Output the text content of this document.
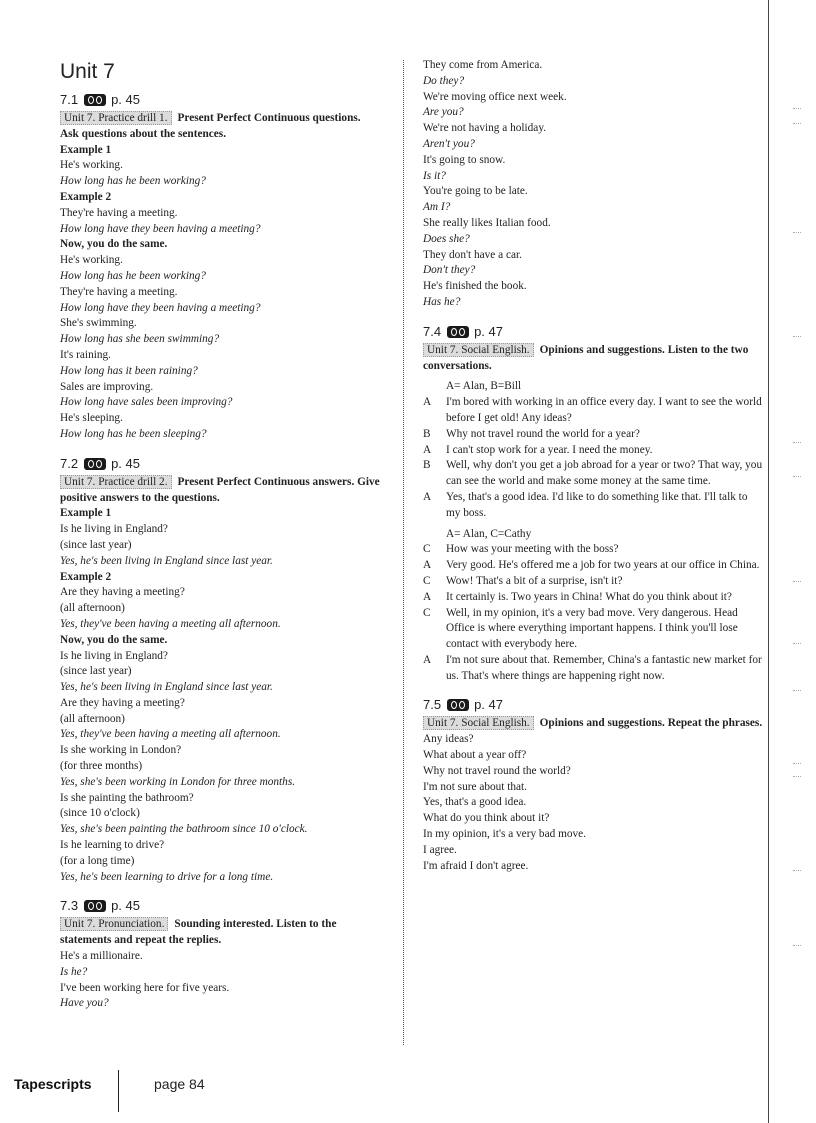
Unit 7
7.1	p. 45

Unit 7. Practice drill 1. Present Perfect Continuous questions. Ask questions about the sentences.

Example 1

He's working.

How long has he been working?

Example 2

They're having a meeting.

How long have they been having a meeting?

Now, you do the same.

He's working.

How long has he been working?

They're having a meeting.

How long have they been having a meeting?

She's swimming.

How long has she been swimming?

It's raining.

How long has it been raining?

Sales are improving.

How long have sales been improving?

He's sleeping.

How long has he been sleeping?

7.2	p. 45

Unit 7. Practice drill 2. Present Perfect Continuous answers. Give positive answers to the questions.

Example 1

Is he living in England?

(since last year)

Yes, he's been living in England since last year.

Example 2

Are they having a meeting?

(all afternoon)

Yes, they've been having a meeting all afternoon.

Now, you do the same.

Is he living in England?

(since last year)

Yes, he's been living in England since last year.

Are they having a meeting?

(all afternoon)

Yes, they've been having a meeting all afternoon.

Is she working in London?

(for three months)

Yes, she's been working in London for three months.

Is she painting the bathroom?

(since 10 o'clock)

Yes, she's been painting the bathroom since 10 o'clock.

Is he learning to drive?

(for a long time)

Yes, he's been learning to drive for a long time.

7.3	p. 45

Unit 7. Pronunciation. Sounding interested. Listen to the statements and repeat the replies.

He's a millionaire.

Is he?

I've been working here for five years.

Have you?

They come from America.

Do they?

We're moving office next week.

Are you?

We're not having a holiday.

Aren't you?

It's going to snow.

Is it?

You're going to be late.

Am I?

She really likes Italian food.

Does she?

They don't have a car.

Don't they?

He's finished the book.

Has he?

7.4	p. 47

Unit 7. Social English. Opinions and suggestions. Listen to the two conversations.

A= Alan, B=Bill

A	I'm bored with working in an office every day. I want to see the world before I get old! Any ideas?
B	Why not travel round the world for a year?
A	I can't stop work for a year. I need the money.
B	Well, why don't you get a job abroad for a year or two? That way, you can see the world and make some money at the same time.
A	Yes, that's a good idea. I'd like to do something like that. I'll talk to my boss.

A= Alan, C=Cathy

C	How was your meeting with the boss?
A	Very good. He's offered me a job for two years at our office in China.
C	Wow! That's a bit of a surprise, isn't it?
A	It certainly is. Two years in China! What do you think about it?
C	Well, in my opinion, it's a very bad move. Very dangerous. Head Office is where everything important happens. I think you'll lose contact with everybody here.
A	I'm not sure about that. Remember, China's a fantastic new market for us. That's where things are happening right now.
7.5	p. 47

Unit 7. Social English. Opinions and suggestions. Repeat the phrases.

Any ideas?

What about a year off?

Why not travel round the world?

I'm not sure about that.

Yes, that's a good idea.

What do you think about it?

In my opinion, it's a very bad move.

I agree.

I'm afraid I don't agree.

Tapescripts	page 84
